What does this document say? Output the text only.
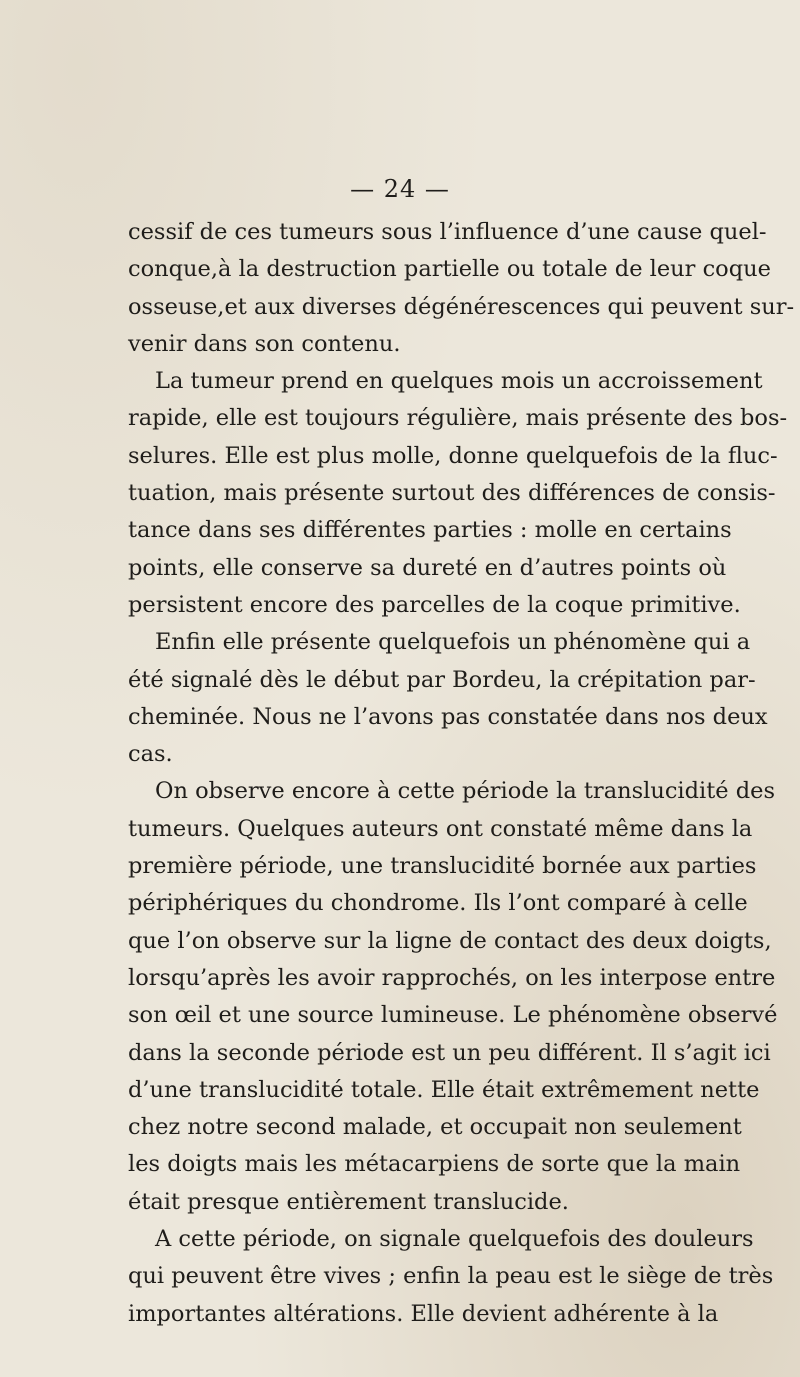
— 24 —
cessif de ces tumeurs sous l’influence d’une cause quel-
conque,à la destruction partielle ou totale de leur coque
osseuse,et aux diverses dégénérescences qui peuvent sur-
venir dans son contenu.
La tumeur prend en quelques mois un accroissement
rapide, elle est toujours régulière, mais présente des bos-
selures. Elle est plus molle, donne quelquefois de la fluc-
tuation, mais présente surtout des différences de consis-
tance dans ses différentes parties : molle en certains
points, elle conserve sa dureté en d’autres points où
persistent encore des parcelles de la coque primitive.
Enfin elle présente quelquefois un phénomène qui a
été signalé dès le début par Bordeu, la crépitation par-
cheminée. Nous ne l’avons pas constatée dans nos deux
cas.
On observe encore à cette période la translucidité des
tumeurs. Quelques auteurs ont constaté même dans la
première période, une translucidité bornée aux parties
périphériques du chondrome. Ils l’ont comparé à celle
que l’on observe sur la ligne de contact des deux doigts,
lorsqu’après les avoir rapprochés, on les interpose entre
son œil et une source lumineuse. Le phénomène observé
dans la seconde période est un peu différent. Il s’agit ici
d’une translucidité totale. Elle était extrêmement nette
chez notre second malade, et occupait non seulement
les doigts mais les métacarpiens de sorte que la main
était presque entièrement translucide.
A cette période, on signale quelquefois des douleurs
qui peuvent être vives ; enfin la peau est le siège de très
importantes altérations. Elle devient adhérente à la
